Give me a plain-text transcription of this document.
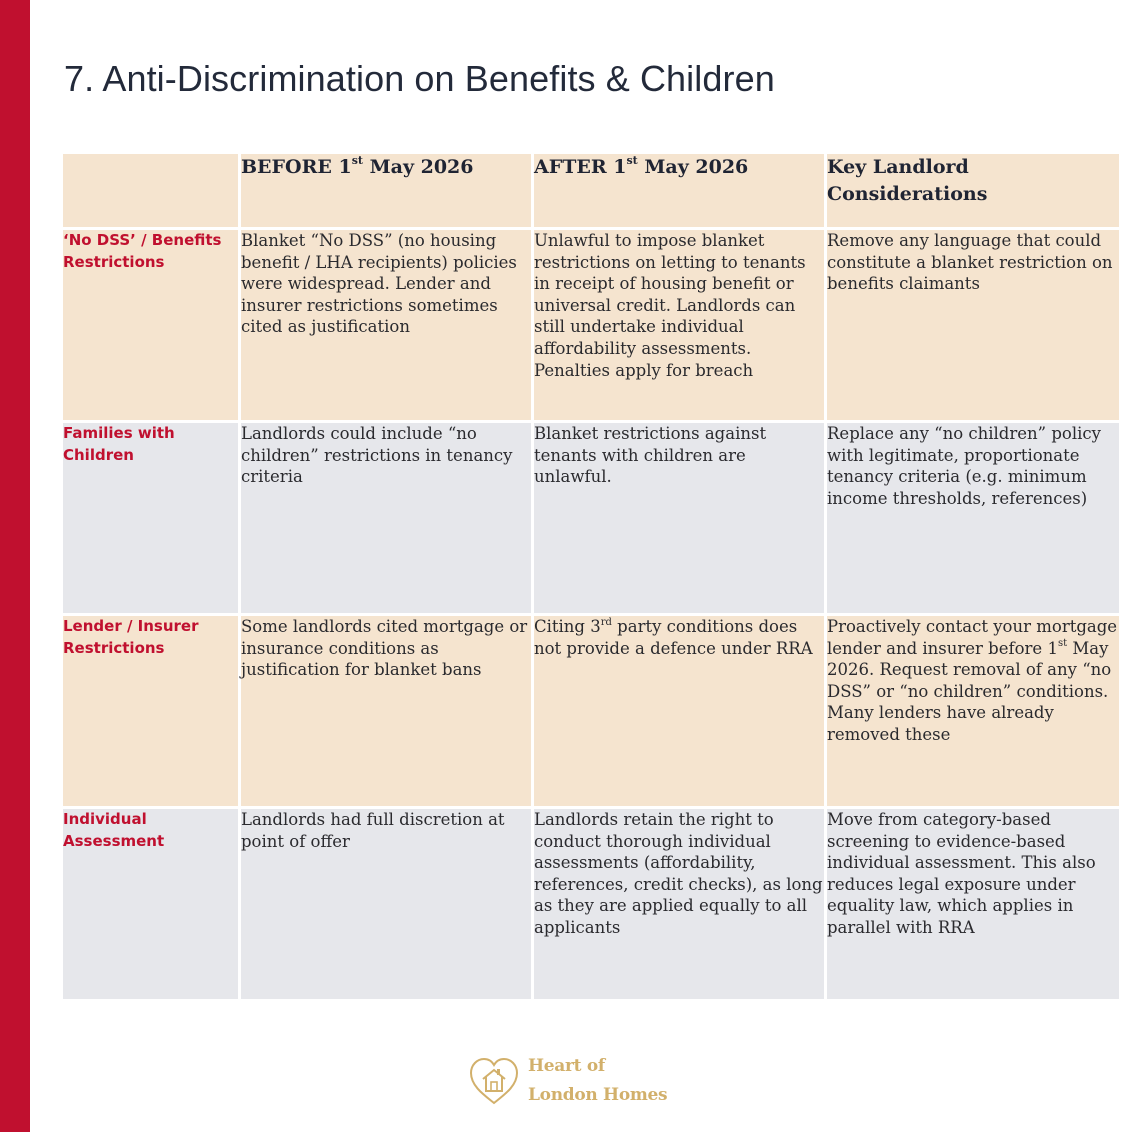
7. Anti-Discrimination on Benefits & Children
	BEFORE 1st May 2026	AFTER 1st May 2026	Key Landlord Considerations
‘No DSS’ / Benefits Restrictions	Blanket “No DSS” (no housing benefit / LHA recipients) policies were widespread. Lender and insurer restrictions sometimes cited as justification	Unlawful to impose blanket restrictions on letting to tenants in receipt of housing benefit or universal credit. Landlords can still undertake individual affordability assessments. Penalties apply for breach	Remove any language that could constitute a blanket restriction on benefits claimants
Families with Children	Landlords could include “no children” restrictions in tenancy criteria	Blanket restrictions against tenants with children are unlawful.	Replace any “no children” policy with legitimate, proportionate tenancy criteria (e.g. minimum income thresholds, references)
Lender / Insurer Restrictions	Some landlords cited mortgage or insurance conditions as justification for blanket bans	Citing 3rd party conditions does not provide a defence under RRA	Proactively contact your mortgage lender and insurer before 1st May 2026. Request removal of any “no DSS” or “no children” conditions. Many lenders have already removed these
Individual Assessment	Landlords had full discretion at point of offer	Landlords retain the right to conduct thorough individual assessments (affordability, references, credit checks), as long as they are applied equally to all applicants	Move from category-based screening to evidence-based individual assessment. This also reduces legal exposure under equality law, which applies in parallel with RRA
Heart of
London Homes
